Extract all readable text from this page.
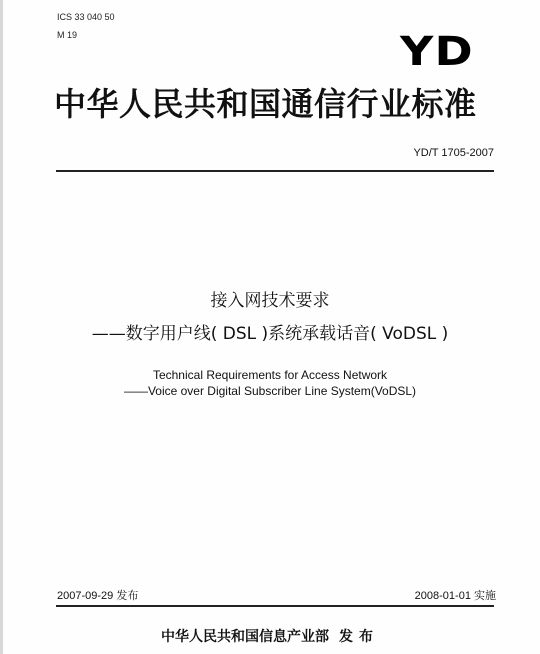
ICS 33 040 50
M 19	YD
中华人民共和国通信行业标准
YD/T 1705-2007
接入网技术要求
——数字用户线( DSL )系统承载话音( VoDSL )
Technical Requirements for Access Network
——Voice over Digital Subscriber Line System(VoDSL)
2007-09-29 发布	2008-01-01 实施
中华人民共和国信息产业部 发布
